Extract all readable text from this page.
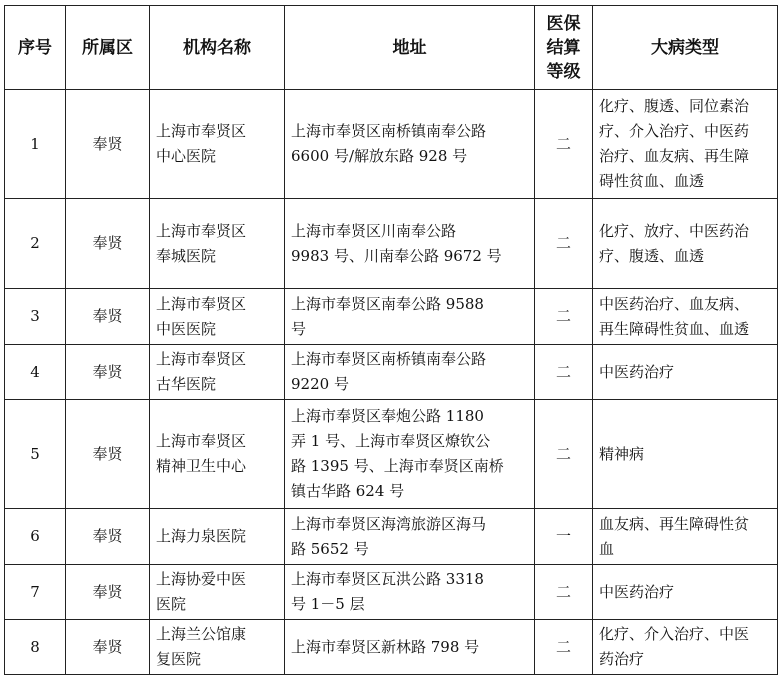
序号	所属区	机构名称	地址	医保
结算
等级	大病类型
1	奉贤	上海市奉贤区
中心医院	上海市奉贤区南桥镇南奉公路
6600 号/解放东路 928 号	二	化疗、腹透、同位素治
疗、介入治疗、中医药
治疗、血友病、再生障
碍性贫血、血透

2	奉贤	上海市奉贤区
奉城医院	上海市奉贤区川南奉公路
9983 号、川南奉公路 9672 号	二	化疗、放疗、中医药治
疗、腹透、血透

3	奉贤	上海市奉贤区
中医医院	上海市奉贤区南奉公路 9588
号	二	中医药治疗、血友病、
再生障碍性贫血、血透

4	奉贤	上海市奉贤区
古华医院	上海市奉贤区南桥镇南奉公路
9220 号	二	中医药治疗

5	奉贤	上海市奉贤区
精神卫生中心	上海市奉贤区奉炮公路 1180
弄 1 号、上海市奉贤区燎钦公
路 1395 号、上海市奉贤区南桥
镇古华路 624 号	二	精神病

6	奉贤	上海力泉医院	上海市奉贤区海湾旅游区海马
路 5652 号	一	血友病、再生障碍性贫
血

7	奉贤	上海协爱中医
医院	上海市奉贤区瓦洪公路 3318
号 1－5 层	二	中医药治疗

8	奉贤	上海兰公馆康
复医院	上海市奉贤区新林路 798 号	二	化疗、介入治疗、中医
药治疗
